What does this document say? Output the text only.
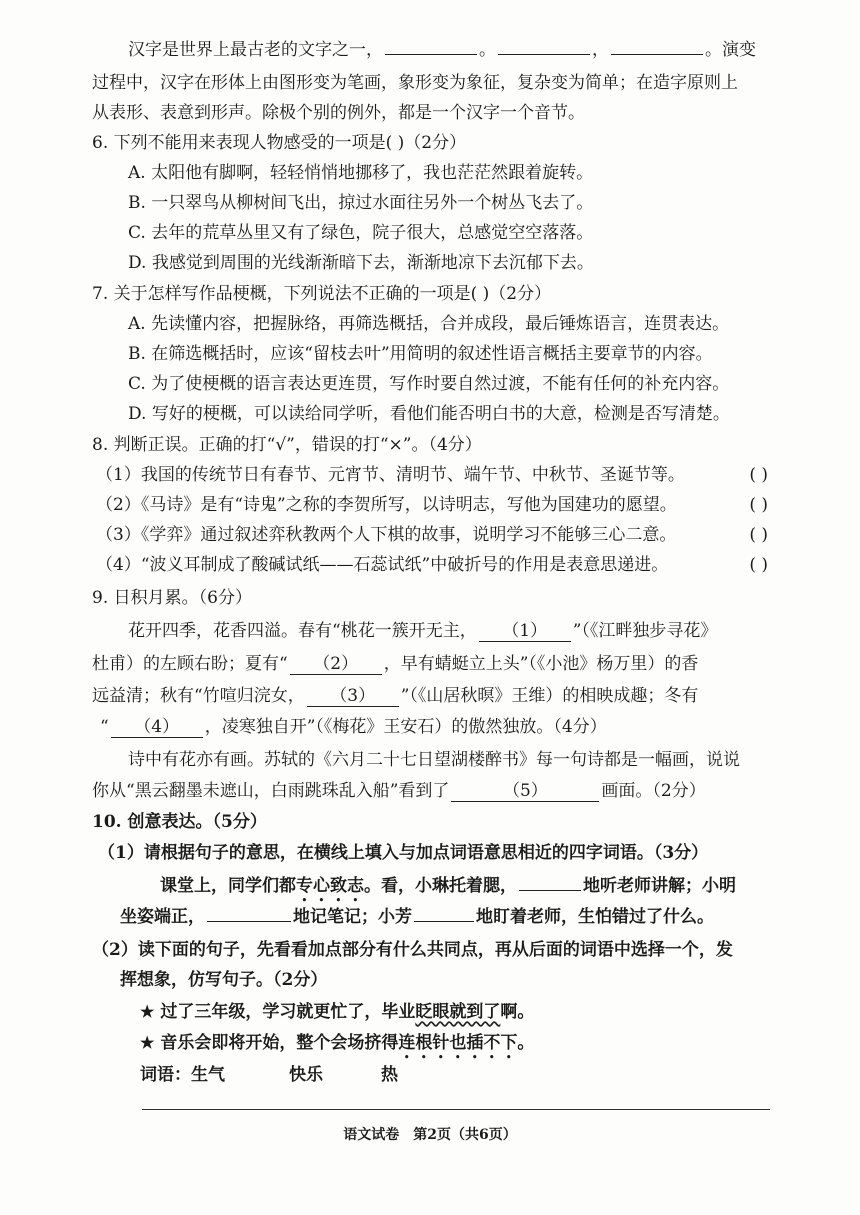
汉字是世界上最古老的文字之一，	。	，	。演变
过程中，汉字在形体上由图形变为笔画，象形变为象征，复杂变为简单；在造字原则上
从表形、表意到形声。除极个别的例外，都是一个汉字一个音节。
6. 下列不能用来表现人物感受的一项是( )（2分）
A. 太阳他有脚啊，轻轻悄悄地挪移了，我也茫茫然跟着旋转。
B. 一只翠鸟从柳树间飞出，掠过水面往另外一个树丛飞去了。
C. 去年的荒草丛里又有了绿色，院子很大，总感觉空空落落。
D. 我感觉到周围的光线渐渐暗下去，渐渐地凉下去沉郁下去。
7. 关于怎样写作品梗概，下列说法不正确的一项是( )（2分）
A. 先读懂内容，把握脉络，再筛选概括，合并成段，最后锤炼语言，连贯表达。
B. 在筛选概括时，应该“留枝去叶”用简明的叙述性语言概括主要章节的内容。
C. 为了使梗概的语言表达更连贯，写作时要自然过渡，不能有任何的补充内容。
D. 写好的梗概，可以读给同学听，看他们能否明白书的大意，检测是否写清楚。
8. 判断正误。正确的打“√”，错误的打“×”。（4分）
（1）我国的传统节日有春节、元宵节、清明节、端午节、中秋节、圣诞节等。	( )
（2）《马诗》是有“诗鬼”之称的李贺所写，以诗明志，写他为国建功的愿望。	( )
（3）《学弈》通过叙述弈秋教两个人下棋的故事，说明学习不能够三心二意。	( )
（4）“波义耳制成了酸碱试纸——石蕊试纸”中破折号的作用是表意思递进。	( )
9. 日积月累。（6分）
花开四季，花香四溢。春有“桃花一簇开无主， （1） ”（《江畔独步寻花》
杜甫）的左顾右盼；夏有“ （2） ，早有蜻蜓立上头”（《小池》杨万里）的香
远益清；秋有“竹喧归浣女， （3） ”（《山居秋暝》王维）的相映成趣；冬有
“ （4） ，凌寒独自开”（《梅花》王安石）的傲然独放。（4分）
诗中有花亦有画。苏轼的《六月二十七日望湖楼醉书》每一句诗都是一幅画，说说
你从“黑云翻墨未遮山，白雨跳珠乱入船”看到了	（5）	画面。（2分）
10. 创意表达。（5分）
（1）请根据句子的意思，在横线上填入与加点词语意思相近的四字词语。（3分）
课堂上，同学们都专心致志。看，小琳托着腮，	地听老师讲解；小明
坐姿端正，	地记笔记；小芳	地盯着老师，生怕错过了什么。
（2）读下面的句子，先看看加点部分有什么共同点，再从后面的词语中选择一个，发
挥想象，仿写句子。（2分）
★ 过了三年级，学习就更忙了，毕业眨眼就到了啊。
★ 音乐会即将开始，整个会场挤得连根针也插不下。
词语：生气	快乐	热
语文试卷　第2页（共6页）
